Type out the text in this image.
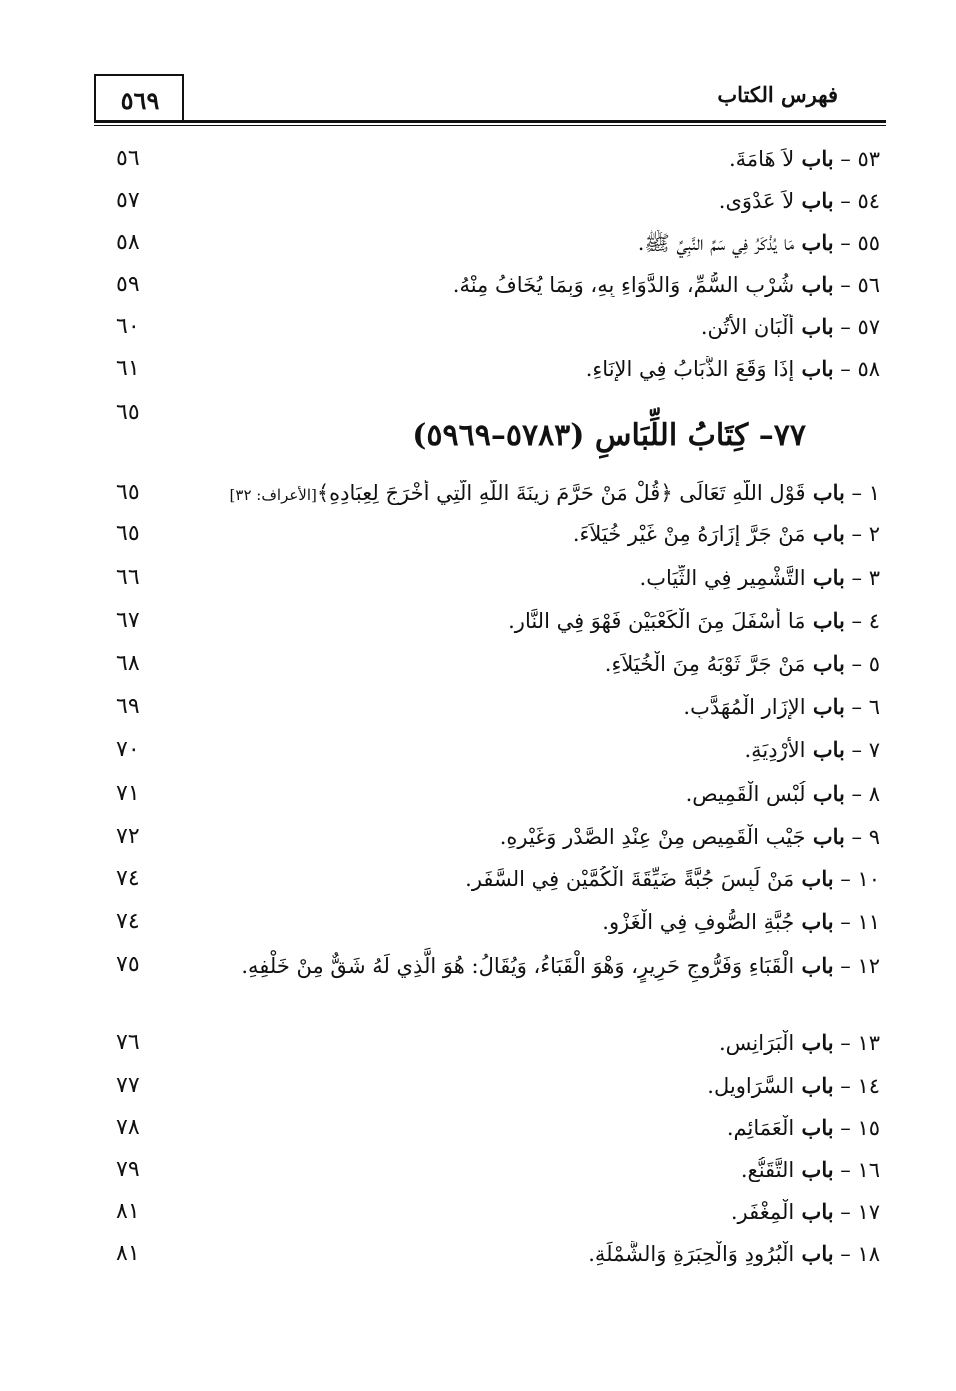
٥٦٩	فهرس الكتاب
٥٦	٥٣ – باب لاَ هَامَةَ.
٥٧	٥٤ – باب لاَ عَدْوَى.
٥٨	٥٥ – باب مَا يُذْكَرُ فِي سَمِّ النَّبِيِّ ﷺ.
٥٩	٥٦ – باب شُرْبِ السُّمِّ، وَالدَّوَاءِ بِهِ، وَبِمَا يُخَافُ مِنْهُ.
٦٠	٥٧ – باب أَلْبَانِ الأُتُنِ.
٦١	٥٨ – باب إِذَا وَقَعَ الذُّبَابُ فِي الإِنَاءِ.
٦٥
٧٧– كِتَابُ اللِّبَاسِ (٥٧٨٣–٥٩٦٩)
٦٥	١ – باب قَوْلِ اللَّهِ تَعَالَى ﴿قُلْ مَنْ حَرَّمَ زِينَةَ اللَّهِ الَّتِي أَخْرَجَ لِعِبَادِهِ﴾[الأعراف: ٣٢]
٦٥	٢ – باب مَنْ جَرَّ إِزَارَهُ مِنْ غَيْرِ خُيَلاَءَ.
٦٦	٣ – باب التَّشْمِيرِ فِي الثِّيَابِ.
٦٧	٤ – باب مَا أَسْفَلَ مِنَ الْكَعْبَيْنِ فَهْوَ فِي النَّارِ.
٦٨	٥ – باب مَنْ جَرَّ ثَوْبَهُ مِنَ الْخُيَلاَءِ.
٦٩	٦ – باب الإِزَارِ الْمُهَدَّبِ.
٧٠	٧ – باب الأَرْدِيَةِ.
٧١	٨ – باب لُبْسِ الْقَمِيصِ.
٧٢	٩ – باب جَيْبِ الْقَمِيصِ مِنْ عِنْدِ الصَّدْرِ وَغَيْرِهِ.
٧٤	١٠ – باب مَنْ لَبِسَ جُبَّةً ضَيِّقَةَ الْكُمَّيْنِ فِي السَّفَرِ.
٧٤	١١ – باب جُبَّةِ الصُّوفِ فِي الْغَزْوِ.
٧٥	١٢ – باب الْقَبَاءِ وَفَرُّوجِ حَرِيرٍ، وَهْوَ الْقَبَاءُ، وَيُقَالُ: هُوَ الَّذِي لَهُ شَقٌّ مِنْ خَلْفِهِ.
٧٦	١٣ – باب الْبَرَانِسِ.
٧٧	١٤ – باب السَّرَاوِيلِ.
٧٨	١٥ – باب الْعَمَائِمِ.
٧٩	١٦ – باب التَّقَنُّعِ.
٨١	١٧ – باب الْمِغْفَرِ.
٨١	١٨ – باب الْبُرُودِ وَالْحِبَرَةِ وَالشَّمْلَةِ.
